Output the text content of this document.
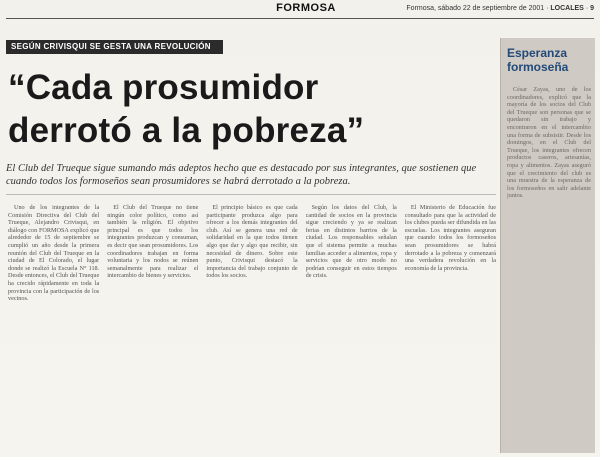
FORMOSA	Formosa, sábado 22 de septiembre de 2001 · LOCALES · 9
SEGÚN CRIVISQUI SE GESTA UNA REVOLUCIÓN
“Cada prosumidor
derrotó a la pobreza”
El Club del Trueque sigue sumando más adeptos hecho que es destacado por sus integrantes, que sostienen que cuando todos los formoseños sean prosumidores se habrá derrotado a la pobreza.

Uno de los integrantes de la Comisión Directiva del Club del Trueque, Alejandro Crivisqui, en diálogo con FORMOSA explicó que alrededor de 15 de septiembre se cumplió un año desde la primera reunión del Club del Trueque en la ciudad de El Colorado, el lugar donde se realizó la Escuela N° 118. Desde entonces, el Club del Trueque ha crecido rápidamente en toda la provincia con la participación de los vecinos.

El Club del Trueque no tiene ningún color político, como así también la religión. El objetivo principal es que todos los integrantes produzcan y consuman, es decir que sean prosumidores. Los coordinadores trabajan en forma voluntaria y los nodos se reúnen semanalmente para realizar el intercambio de bienes y servicios.

El principio básico es que cada participante produzca algo para ofrecer a los demás integrantes del club. Así se genera una red de solidaridad en la que todos tienen algo que dar y algo que recibir, sin necesidad de dinero. Sobre este punto, Crivisqui destacó la importancia del trabajo conjunto de todos los socios.

Según los datos del Club, la cantidad de socios en la provincia sigue creciendo y ya se realizan ferias en distintos barrios de la ciudad. Los responsables señalan que el sistema permite a muchas familias acceder a alimentos, ropa y servicios que de otro modo no podrían conseguir en estos tiempos de crisis.

El Ministerio de Educación fue consultado para que la actividad de los clubes pueda ser difundida en las escuelas. Los integrantes aseguran que cuando todos los formoseños sean prosumidores se habrá derrotado a la pobreza y comenzará una verdadera revolución en la economía de la provincia.

Esperanza
formoseña

César Zayas, uno de los coordinadores, explicó que la mayoría de los socios del Club del Trueque son personas que se quedaron sin trabajo y encontraron en el intercambio una forma de subsistir. Desde los domingos, en el Club del Trueque, los integrantes ofrecen productos caseros, artesanías, ropa y alimentos. Zayas aseguró que el crecimiento del club es una muestra de la esperanza de los formoseños en salir adelante juntos.
